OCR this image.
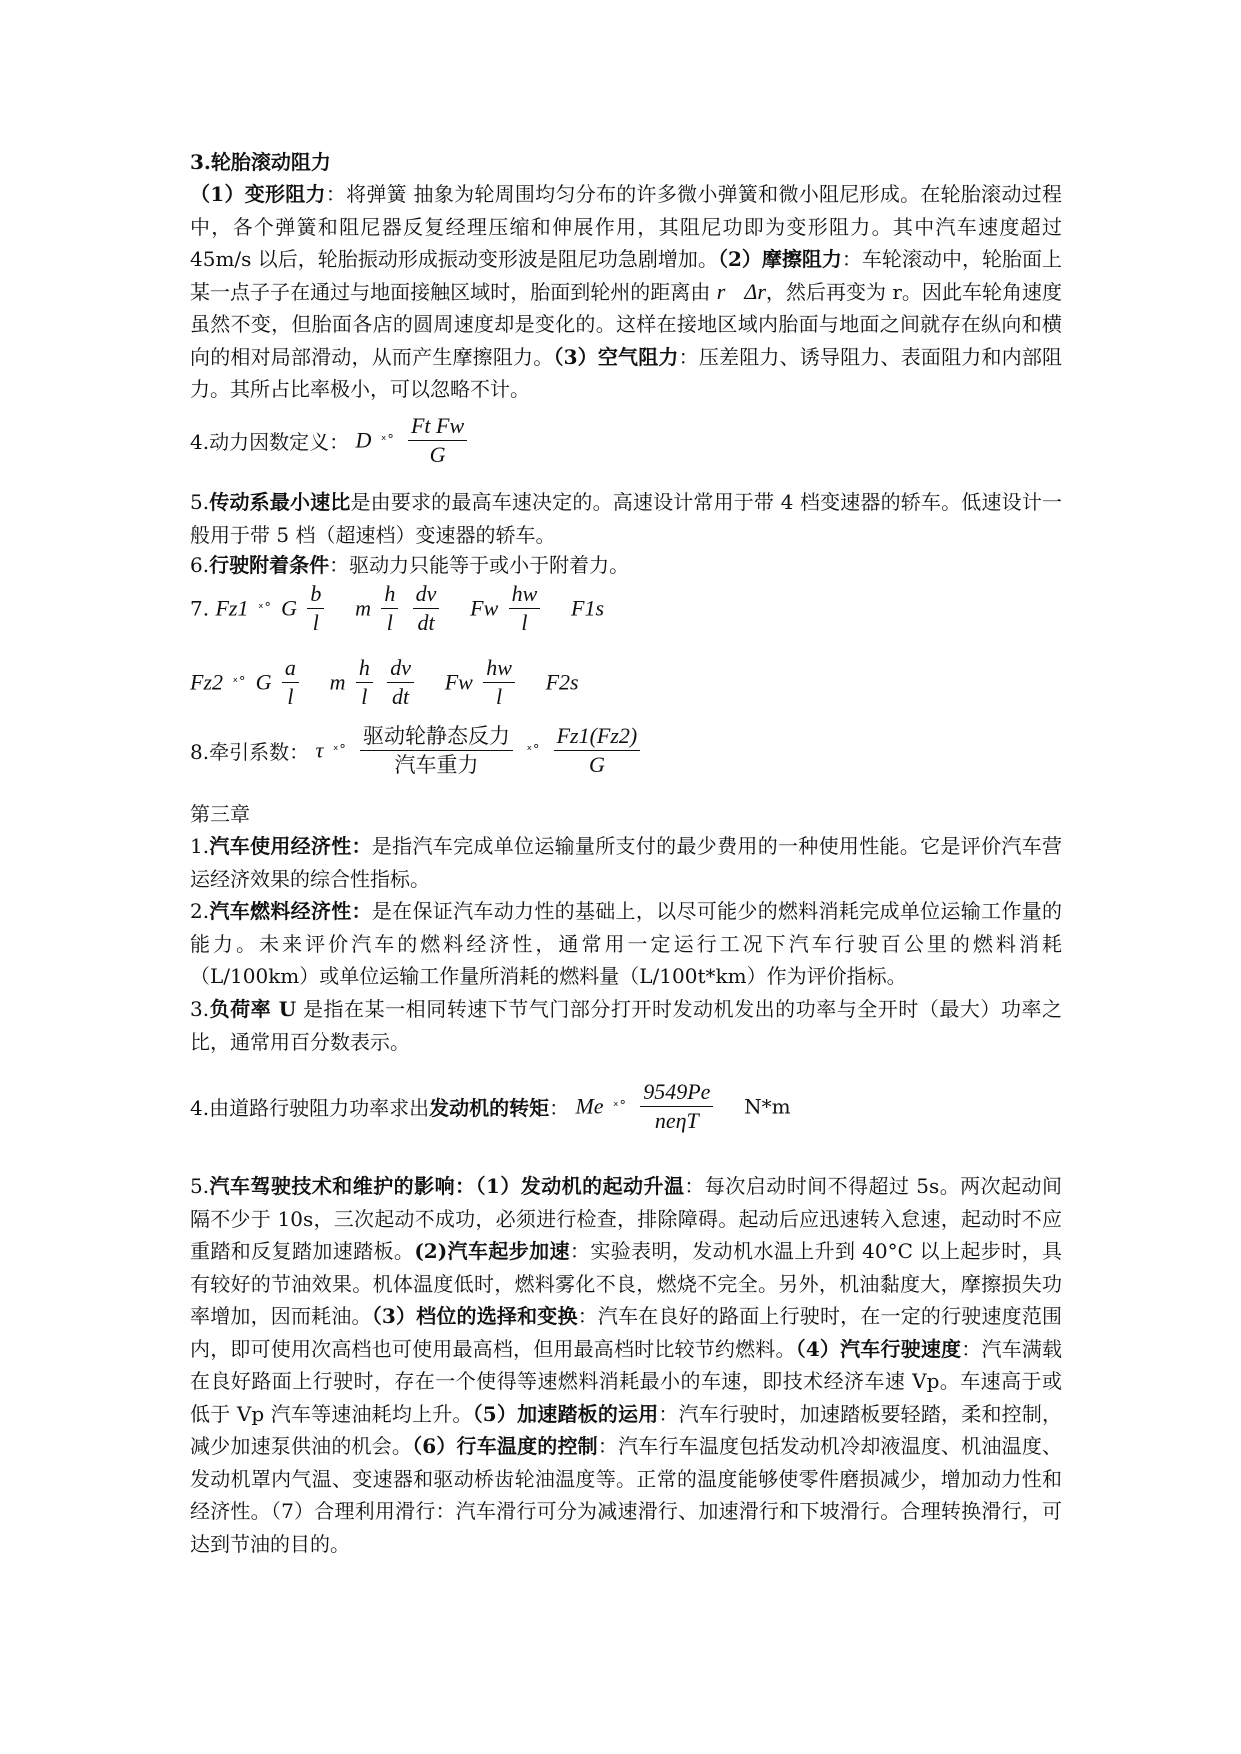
3.轮胎滚动阻力

（1）变形阻力：将弹簧 抽象为轮周围均匀分布的许多微小弹簧和微小阻尼形成。在轮胎滚动过程中，各个弹簧和阻尼器反复经理压缩和伸展作用，其阻尼功即为变形阻力。其中汽车速度超过 45m/s 以后，轮胎振动形成振动变形波是阻尼功急剧增加。（2）摩擦阻力：车轮滚动中，轮胎面上某一点子子在通过与地面接触区域时，胎面到轮州的距离由 r Δr，然后再变为 r。因此车轮角速度虽然不变，但胎面各店的圆周速度却是变化的。这样在接地区域内胎面与地面之间就存在纵向和横向的相对局部滑动，从而产生摩擦阻力。（3）空气阻力：压差阻力、诱导阻力、表面阻力和内部阻力。其所占比率极小，可以忽略不计。

4.动力因数定义： D $^{_x\circ} \frac{\text{Ft Fw}}{G}$

5.传动系最小速比是由要求的最高车速决定的。高速设计常用于带 4 档变速器的轿车。低速设计一般用于带 5 档（超速档）变速器的轿车。

6.行驶附着条件：驱动力只能等于或小于附着力。

7. Fz1 $^{_x\circ}$ G $\frac{b}{l}$ m $\frac{h}{l}$
$\frac{dv}{dt}$ Fw $\frac{hw}{l} F1s$
Fz2 $^{_x\circ}$ G $\frac{a}{l}$ m $\frac{h}{l}$
$\frac{dv}{dt}$ Fw $\frac{hw}{l} F2s$
8.牵引系数： τ $^{_x\circ} \frac{\text{驱动轮静态反力}}{\text{汽车重力}} ^{_x\circ} \frac{Fz1(Fz2)}{G}$

第三章

1.汽车使用经济性：是指汽车完成单位运输量所支付的最少费用的一种使用性能。它是评价汽车营运经济效果的综合性指标。

2.汽车燃料经济性：是在保证汽车动力性的基础上，以尽可能少的燃料消耗完成单位运输工作量的能力。未来评价汽车的燃料经济性，通常用一定运行工况下汽车行驶百公里的燃料消耗（L/100km）或单位运输工作量所消耗的燃料量（L/100t*km）作为评价指标。

3.负荷率 U 是指在某一相同转速下节气门部分打开时发动机发出的功率与全开时（最大）功率之比，通常用百分数表示。

4.由道路行驶阻力功率求出发动机的转矩： Me $^{_x\circ} \frac{9549Pe}{\text{neηT}} N*m$

5.汽车驾驶技术和维护的影响：（1）发动机的起动升温：每次启动时间不得超过 5s。两次起动间隔不少于 10s，三次起动不成功，必须进行检查，排除障碍。起动后应迅速转入怠速，起动时不应重踏和反复踏加速踏板。(2)汽车起步加速：实验表明，发动机水温上升到 40°C 以上起步时，具有较好的节油效果。机体温度低时，燃料雾化不良，燃烧不完全。另外，机油黏度大，摩擦损失功率增加，因而耗油。（3）档位的选择和变换：汽车在良好的路面上行驶时，在一定的行驶速度范围内，即可使用次高档也可使用最高档，但用最高档时比较节约燃料。（4）汽车行驶速度：汽车满载在良好路面上行驶时，存在一个使得等速燃料消耗最小的车速，即技术经济车速 Vp。车速高于或低于 Vp 汽车等速油耗均上升。（5）加速踏板的运用：汽车行驶时，加速踏板要轻踏，柔和控制，减少加速泵供油的机会。（6）行车温度的控制：汽车行车温度包括发动机冷却液温度、机油温度、发动机罩内气温、变速器和驱动桥齿轮油温度等。正常的温度能够使零件磨损减少，增加动力性和经济性。（7）合理利用滑行：汽车滑行可分为减速滑行、加速滑行和下坡滑行。合理转换滑行，可达到节油的目的。
